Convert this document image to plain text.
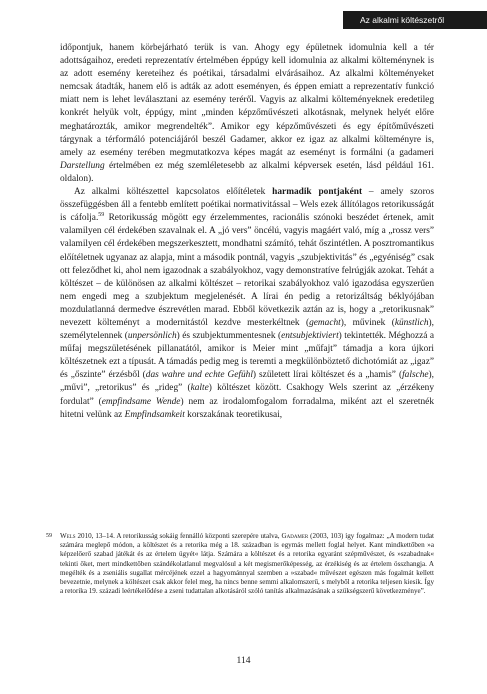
Az alkalmi költészetről

időpontjuk, hanem körbejárható terük is van. Ahogy egy épületnek idomulnia kell a tér adottságaihoz, eredeti reprezentatív értelmében éppúgy kell idomulnia az alkalmi költeménynek is az adott esemény kereteihez és poétikai, társadalmi elvárásaihoz. Az alkalmi költeményeket nemcsak átadták, hanem elő is adták az adott eseményen, és éppen emiatt a reprezentatív funkció miatt nem is lehet leválasztani az esemény teréről. Vagyis az alkalmi költeményeknek eredetileg konkrét helyük volt, éppúgy, mint „minden képzőművészeti alkotásnak, melynek helyét előre meghatározták, amikor megrendelték”. Amikor egy képzőművészeti és egy építőművészeti tárgynak a térformáló potenciájáról beszél Gadamer, akkor ez igaz az alkalmi költeményre is, amely az esemény terében megmutatkozva képes magát az eseményt is formálni (a gadameri Darstellung értelmében ez még szemléletesebb az alkalmi képversek esetén, lásd például 161. oldalon).

Az alkalmi költészettel kapcsolatos előítéletek harmadik pontjaként – amely szoros összefüggésben áll a fentebb említett poétikai normativitással – Wels ezek állítólagos retorikusságát is cáfolja.$^{59}$ Retorikusság mögött egy érzelemmentes, racionális szónoki beszédet értenek, amit valamilyen cél érdekében szavalnak el. A „jó vers” öncélú, vagyis magáért való, míg a „rossz vers” valamilyen cél érdekében megszerkesztett, mondhatni számító, tehát őszintétlen. A posztromantikus előítéletnek ugyanaz az alapja, mint a második pontnál, vagyis „szubjektivitás” és „egyéniség” csak ott feleződhet ki, ahol nem igazodnak a szabályokhoz, vagy demonstratíve felrúgják azokat. Tehát a költészet – de különösen az alkalmi költészet – retorikai szabályokhoz való igazodása egyszerűen nem engedi meg a szubjektum megjelenését. A lírai én pedig a retorizáltság béklyójában mozdulatlanná dermedve észrevétlen marad. Ebből következik aztán az is, hogy a „retorikusnak” nevezett költeményt a modernitástól kezdve mesterkéltnek (gemacht), művinek (künstlich), személytelennek (unpersönlich) és szubjektummentesnek (entsubjektiviert) tekintették. Méghozzá a műfaj megszületésének pillanatától, amikor is Meier mint „műfajt” támadja a kora újkori költészetnek ezt a típusát. A támadás pedig meg is teremti a megkülönböztető dichotómiát az „igaz” és „őszinte” érzésből (das wahre und echte Gefühl) született lírai költészet és a „hamis” (falsche), „művi”, „retorikus” és „rideg” (kalte) költészet között. Csakhogy Wels szerint az „érzékeny fordulat” (empfindsame Wende) nem az irodalomfogalom forradalma, miként azt el szeretnék hitetni velünk az Empfindsamkeit korszakának teoretikusai,

59 Wels 2010, 13–14. A retorikusság sokáig fennálló központi szerepére utalva, Gadamer (2003, 103) így fogalmaz: „A modern tudat számára meglepő módon, a költészet és a retorika még a 18. században is egymás mellett foglal helyet. Kant mindkettőben »a képzelőerő szabad játékát és az értelem ügyét« látja. Számára a költészet és a retorika egyaránt szépművészet, és »szabadnak« tekinti őket, mert mindkettőben szándékolatlanul megvalósul a két megismerőképesség, az érzékiség és az értelem összhangja. A megélték és a zseniális sugallat mércéjének ezzel a hagyománnyal szemben a »szabad« művészet egészen más fogalmát kellett bevezetnie, melynek a költészet csak akkor felel meg, ha nincs benne semmi alkalomszerű, s melyből a retorika teljesen kiesik. Így a retorika 19. századi leértékelődése a zseni tudattalan alkotásáról szóló tanítás alkalmazásának a szükségszerű következménye”.
114
